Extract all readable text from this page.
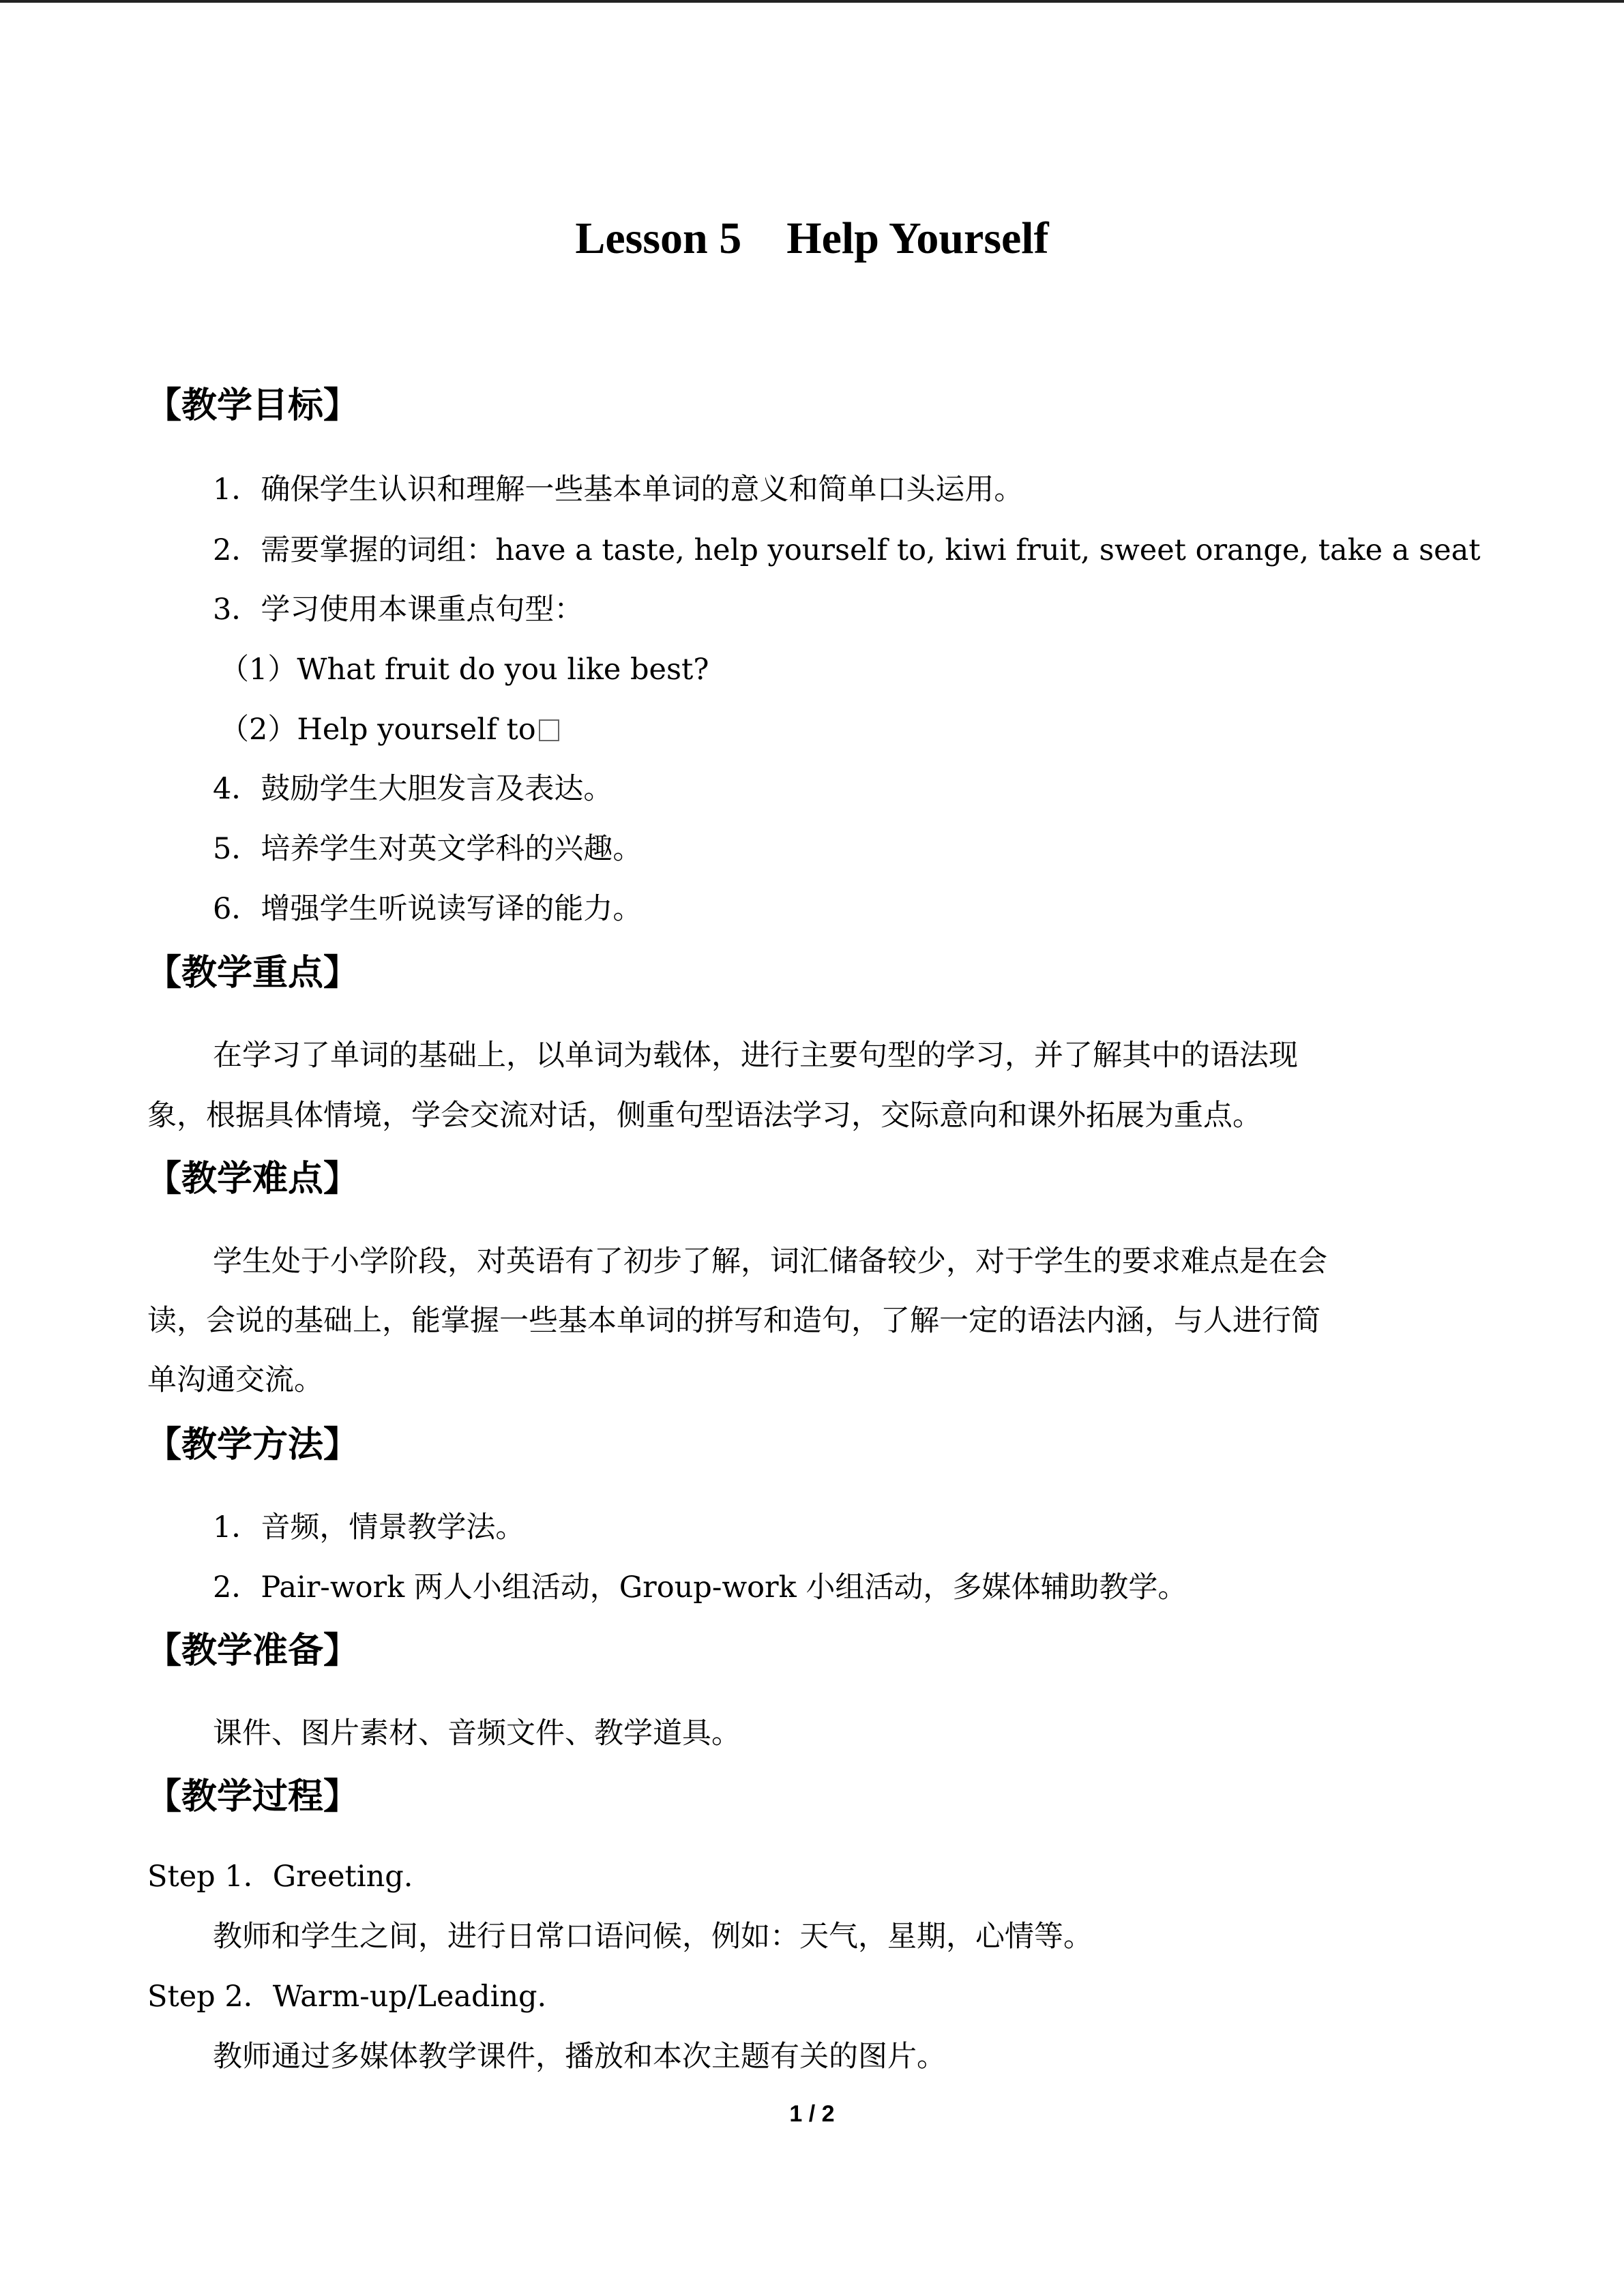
Lesson 5    Help Yourself
【教学目标】
1．确保学生认识和理解一些基本单词的意义和简单口头运用。
2．需要掌握的词组：have a taste, help yourself to, kiwi fruit, sweet orange, take a seat
3．学习使用本课重点句型：
（1）What fruit do you like best?
（2）Help yourself to
4．鼓励学生大胆发言及表达。
5．培养学生对英文学科的兴趣。
6．增强学生听说读写译的能力。
【教学重点】
在学习了单词的基础上，以单词为载体，进行主要句型的学习，并了解其中的语法现
象，根据具体情境，学会交流对话，侧重句型语法学习，交际意向和课外拓展为重点。
【教学难点】
学生处于小学阶段，对英语有了初步了解，词汇储备较少，对于学生的要求难点是在会
读，会说的基础上，能掌握一些基本单词的拼写和造句，了解一定的语法内涵，与人进行简
单沟通交流。
【教学方法】
1．音频，情景教学法。
2．Pair-work 两人小组活动，Group-work 小组活动，多媒体辅助教学。
【教学准备】
课件、图片素材、音频文件、教学道具。
【教学过程】
Step 1．Greeting.
教师和学生之间，进行日常口语问候，例如：天气，星期，心情等。
Step 2．Warm-up/Leading.
教师通过多媒体教学课件，播放和本次主题有关的图片。
1 / 2
